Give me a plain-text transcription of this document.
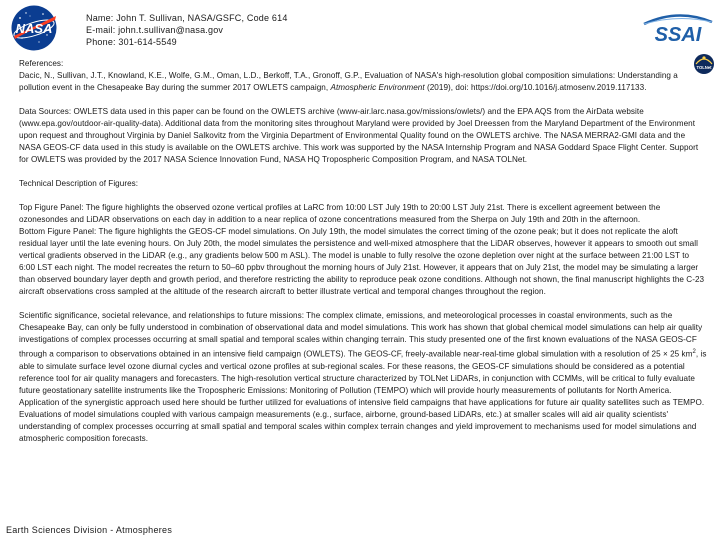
NASA	SSAI
TOLNet
Name: John T. Sullivan, NASA/GSFC, Code 614
E-mail: john.t.sullivan@nasa.gov
Phone: 301-614-5549

References:

Dacic, N., Sullivan, J.T., Knowland, K.E., Wolfe, G.M., Oman, L.D., Berkoff, T.A., Gronoff, G.P., Evaluation of NASA's high-resolution global composition simulations: Understanding a pollution event in the Chesapeake Bay during the summer 2017 OWLETS campaign, Atmospheric Environment (2019), doi: https://doi.org/10.1016/j.atmosenv.2019.117133.

Data Sources: OWLETS data used in this paper can be found on the OWLETS archive (www-air.larc.nasa.gov/missions/owlets/) and the EPA AQS from the AirData website (www.epa.gov/outdoor-air-quality-data). Additional data from the monitoring sites throughout Maryland were provided by Joel Dreessen from the Maryland Department of the Environment upon request and throughout Virginia by Daniel Salkovitz from the Virginia Department of Environmental Quality found on the OWLETS archive. The NASA MERRA2-GMI data and the NASA GEOS-CF data used in this study is available on the OWLETS archive. This work was supported by the NASA Internship Program and NASA Goddard Space Flight Center. Support for OWLETS was provided by the 2017 NASA Science Innovation Fund, NASA HQ Tropospheric Composition Program, and NASA TOLNet.

Technical Description of Figures:

Top Figure Panel: The figure highlights the observed ozone vertical profiles at LaRC from 10:00 LST July 19th to 20:00 LST July 21st. There is excellent agreement between the ozonesondes and LiDAR observations on each day in addition to a near replica of ozone concentrations measured from the Sherpa on July 19th and 20th in the afternoon.

Bottom Figure Panel: The figure highlights the GEOS-CF model simulations. On July 19th, the model simulates the correct timing of the ozone peak; but it does not replicate the aloft residual layer until the late evening hours. On July 20th, the model simulates the persistence and well-mixed atmosphere that the LiDAR observes, however it appears to smooth out small vertical gradients observed in the LiDAR (e.g., any gradients below 500 m ASL). The model is unable to fully resolve the ozone depletion over night at the surface between 21:00 LST to 6:00 LST each night. The model recreates the return to 50–60 ppbv throughout the morning hours of July 21st. However, it appears that on July 21st, the model may be simulating a larger than observed boundary layer depth and growth period, and therefore restricting the ability to reproduce peak ozone conditions. Although not shown, the final manuscript highlights the C-23 aircraft observations cross sampled at the altitude of the research aircraft to better illustrate vertical and temporal changes throughout the region.

Scientific significance, societal relevance, and relationships to future missions: The complex climate, emissions, and meteorological processes in coastal environments, such as the Chesapeake Bay, can only be fully understood in combination of observational data and model simulations. This work has shown that global chemical model simulations can help air quality investigations of complex processes occurring at small spatial and temporal scales within changing terrain. This study presented one of the first known evaluations of the NASA GEOS-CF through a comparison to observations obtained in an intensive field campaign (OWLETS). The GEOS-CF, freely-available near-real-time global simulation with a resolution of 25 × 25 $km^2$, is able to simulate surface level ozone diurnal cycles and vertical ozone profiles at sub-regional scales. For these reasons, the GEOS-CF simulations should be considered as a potential reference tool for air quality managers and forecasters. The high-resolution vertical structure characterized by TOLNet LiDARs, in conjunction with CCMMs, will be critical to fully evaluate future geostationary satellite instruments like the Tropospheric Emissions: Monitoring of Pollution (TEMPO) which will provide hourly measurements of pollutants for North America. Application of the synergistic approach used here should be further utilized for evaluations of intensive field campaigns that have applications for future air quality satellites such as TEMPO. Evaluations of model simulations coupled with various campaign measurements (e.g., surface, airborne, ground-based LiDARs, etc.) at smaller scales will aid air quality scientists' understanding of complex processes occurring at small spatial and temporal scales within complex terrain changes and yield improvement to mechanisms used for model simulations and atmospheric composition forecasts.

Earth Sciences Division - Atmospheres
